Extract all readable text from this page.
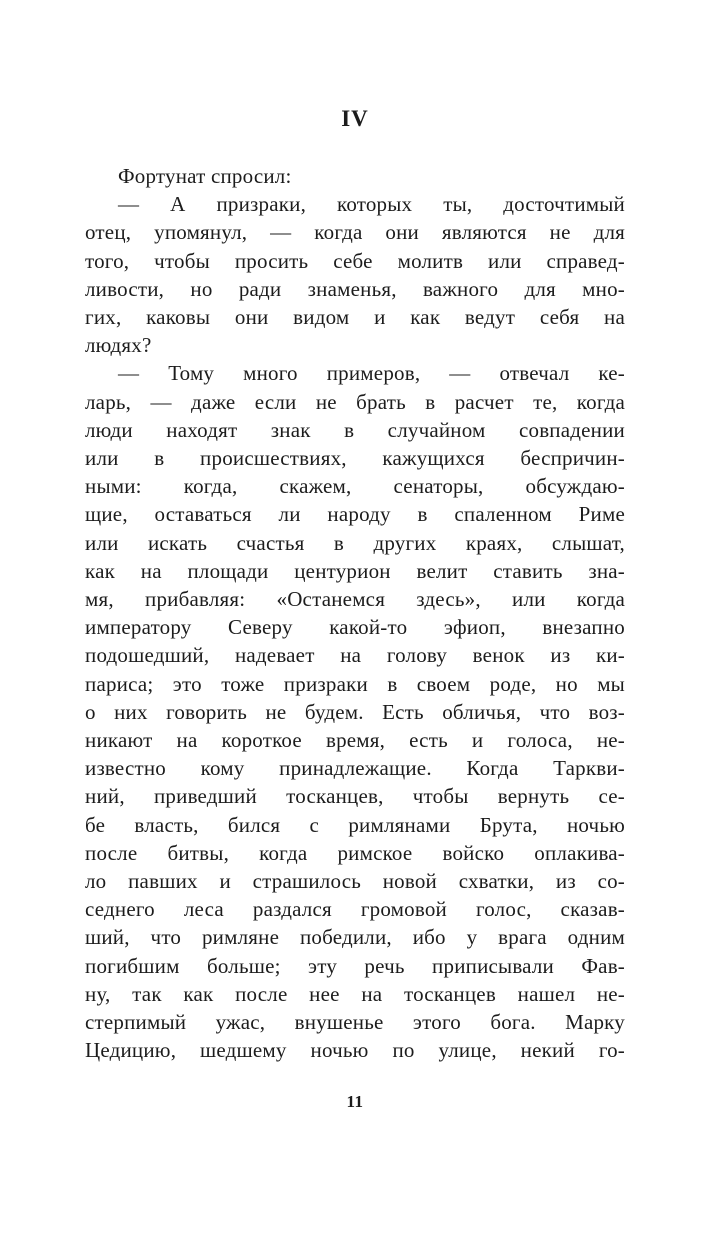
IV
Фортунат спросил:
— А призраки, которых ты, досточтимый
отец, упомянул, — когда они являются не для
того, чтобы просить себе молитв или справед-
ливости, но ради знаменья, важного для мно-
гих, каковы они видом и как ведут себя на
людях?
— Тому много примеров, — отвечал ке-
ларь, — даже если не брать в расчет те, когда
люди находят знак в случайном совпадении
или в происшествиях, кажущихся беспричин-
ными: когда, скажем, сенаторы, обсуждаю-
щие, оставаться ли народу в спаленном Риме
или искать счастья в других краях, слышат,
как на площади центурион велит ставить зна-
мя, прибавляя: «Останемся здесь», или когда
императору Северу какой-то эфиоп, внезапно
подошедший, надевает на голову венок из ки-
париса; это тоже призраки в своем роде, но мы
о них говорить не будем. Есть обличья, что воз-
никают на короткое время, есть и голоса, не-
известно кому принадлежащие. Когда Таркви-
ний, приведший тосканцев, чтобы вернуть се-
бе власть, бился с римлянами Брута, ночью
после битвы, когда римское войско оплакива-
ло павших и страшилось новой схватки, из со-
седнего леса раздался громовой голос, сказав-
ший, что римляне победили, ибо у врага одним
погибшим больше; эту речь приписывали Фав-
ну, так как после нее на тосканцев нашел не-
стерпимый ужас, внушенье этого бога. Марку
Цедицию, шедшему ночью по улице, некий го-
11
